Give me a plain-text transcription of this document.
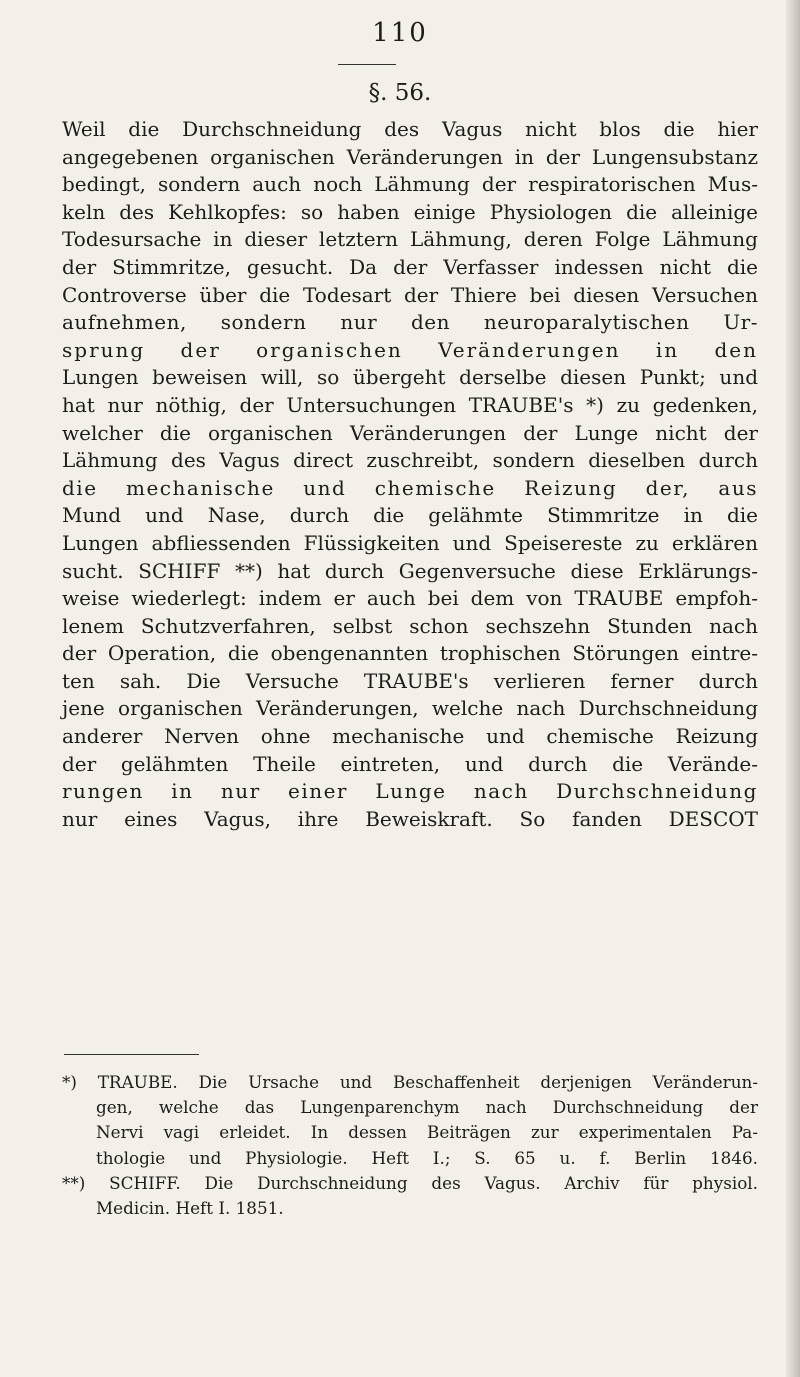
110
§. 56.
Weil die Durchschneidung des Vagus nicht blos die hier
angegebenen organischen Veränderungen in der Lungensubstanz
bedingt, sondern auch noch Lähmung der respiratorischen Mus-
keln des Kehlkopfes: so haben einige Physiologen die alleinige
Todesursache in dieser letztern Lähmung, deren Folge Lähmung
der Stimmritze, gesucht. Da der Verfasser indessen nicht die
Controverse über die Todesart der Thiere bei diesen Versuchen
aufnehmen, sondern nur den neuroparalytischen Ur-
sprung der organischen Veränderungen in den
Lungen beweisen will, so übergeht derselbe diesen Punkt; und
hat nur nöthig, der Untersuchungen TRAUBE's *) zu gedenken,
welcher die organischen Veränderungen der Lunge nicht der
Lähmung des Vagus direct zuschreibt, sondern dieselben durch
die mechanische und chemische Reizung der, aus
Mund und Nase, durch die gelähmte Stimmritze in die
Lungen abfliessenden Flüssigkeiten und Speisereste zu erklären
sucht. SCHIFF **) hat durch Gegenversuche diese Erklärungs-
weise wiederlegt: indem er auch bei dem von TRAUBE empfoh-
lenem Schutzverfahren, selbst schon sechszehn Stunden nach
der Operation, die obengenannten trophischen Störungen eintre-
ten sah. Die Versuche TRAUBE's verlieren ferner durch
jene organischen Veränderungen, welche nach Durchschneidung
anderer Nerven ohne mechanische und chemische Reizung
der gelähmten Theile eintreten, und durch die Verände-
rungen in nur einer Lunge nach Durchschneidung
nur eines Vagus, ihre Beweiskraft. So fanden DESCOT
*) TRAUBE. Die Ursache und Beschaffenheit derjenigen Veränderun-
gen, welche das Lungenparenchym nach Durchschneidung der
Nervi vagi erleidet. In dessen Beiträgen zur experimentalen Pa-
thologie und Physiologie. Heft I.; S. 65 u. f. Berlin 1846.
**) SCHIFF. Die Durchschneidung des Vagus. Archiv für physiol.
Medicin. Heft I. 1851.
